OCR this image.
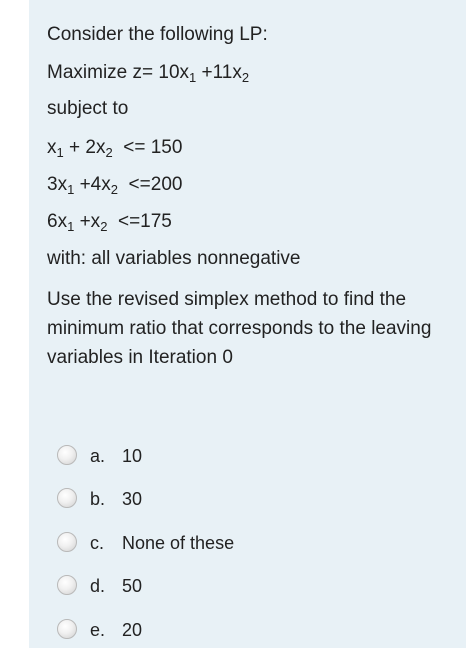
Consider the following LP:
Maximize $z= 10x_1 +11x_2$
subject to
$x_1 + 2x_2 <= 150$
$3x_1 +4x_2 <=200$
$6x_1 +x_2 <=175$
with: all variables nonnegative
Use the revised simplex method to find the minimum ratio that corresponds to the leaving variables in Iteration 0
a. 10
b. 30
c. None of these
d. 50
e. 20
